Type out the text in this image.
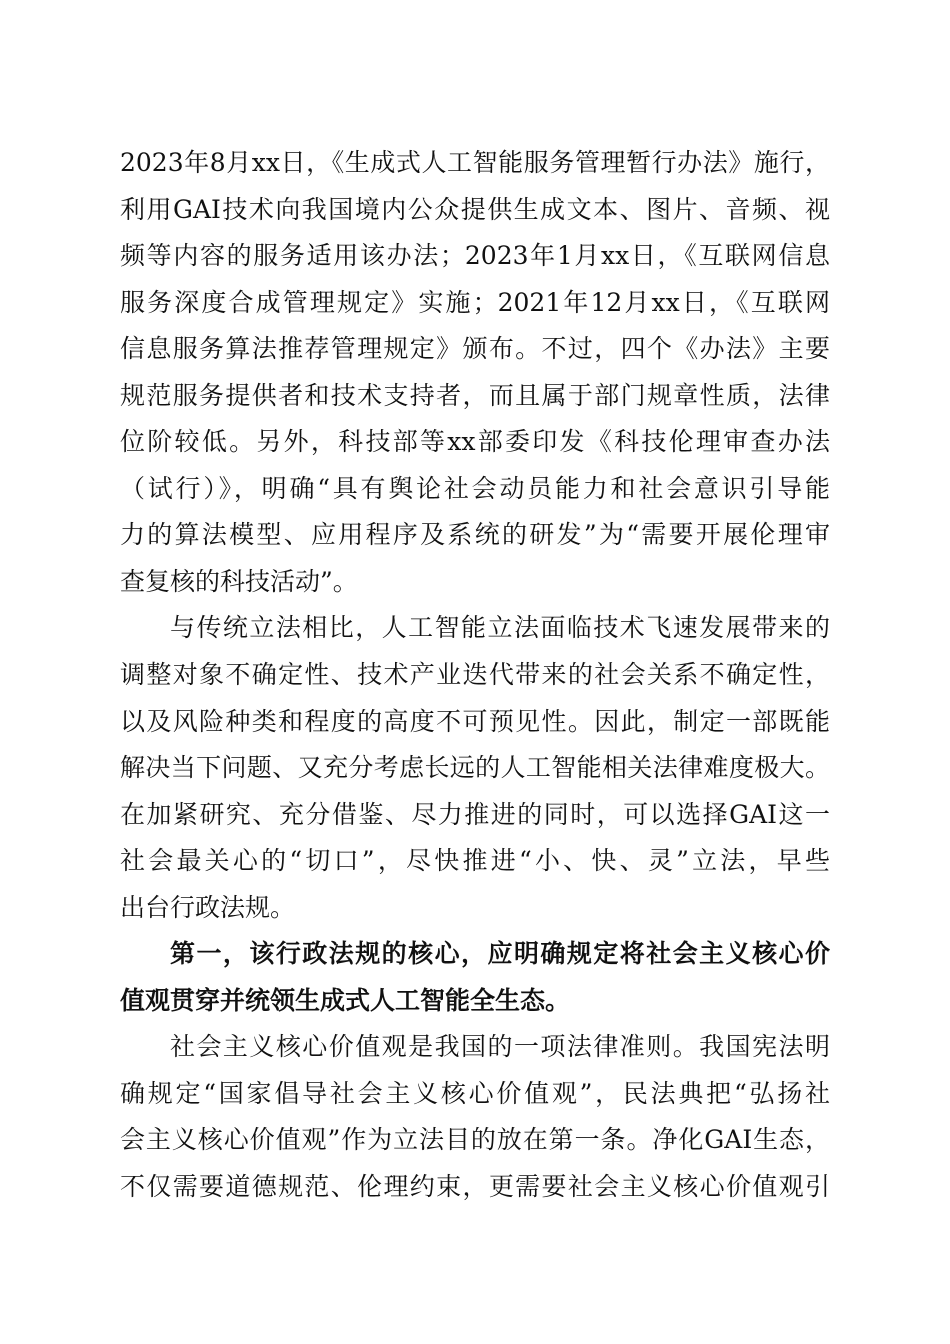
2023年8月xx日，《生成式人工智能服务管理暂行办法》施行，
利用GAI技术向我国境内公众提供生成文本、图片、音频、视
频等内容的服务适用该办法；2023年1月xx日，《互联网信息
服务深度合成管理规定》实施；2021年12月xx日，《互联网
信息服务算法推荐管理规定》颁布。不过，四个《办法》主要
规范服务提供者和技术支持者，而且属于部门规章性质，法律
位阶较低。另外，科技部等xx部委印发《科技伦理审查办法
（试行）》，明确“具有舆论社会动员能力和社会意识引导能
力的算法模型、应用程序及系统的研发”为“需要开展伦理审
查复核的科技活动”。
与传统立法相比，人工智能立法面临技术飞速发展带来的
调整对象不确定性、技术产业迭代带来的社会关系不确定性，
以及风险种类和程度的高度不可预见性。因此，制定一部既能
解决当下问题、又充分考虑长远的人工智能相关法律难度极大。
在加紧研究、充分借鉴、尽力推进的同时，可以选择GAI这一
社会最关心的“切口”，尽快推进“小、快、灵”立法，早些
出台行政法规。
第一，该行政法规的核心，应明确规定将社会主义核心价
值观贯穿并统领生成式人工智能全生态。
社会主义核心价值观是我国的一项法律准则。我国宪法明
确规定“国家倡导社会主义核心价值观”，民法典把“弘扬社
会主义核心价值观”作为立法目的放在第一条。净化GAI生态，
不仅需要道德规范、伦理约束，更需要社会主义核心价值观引
